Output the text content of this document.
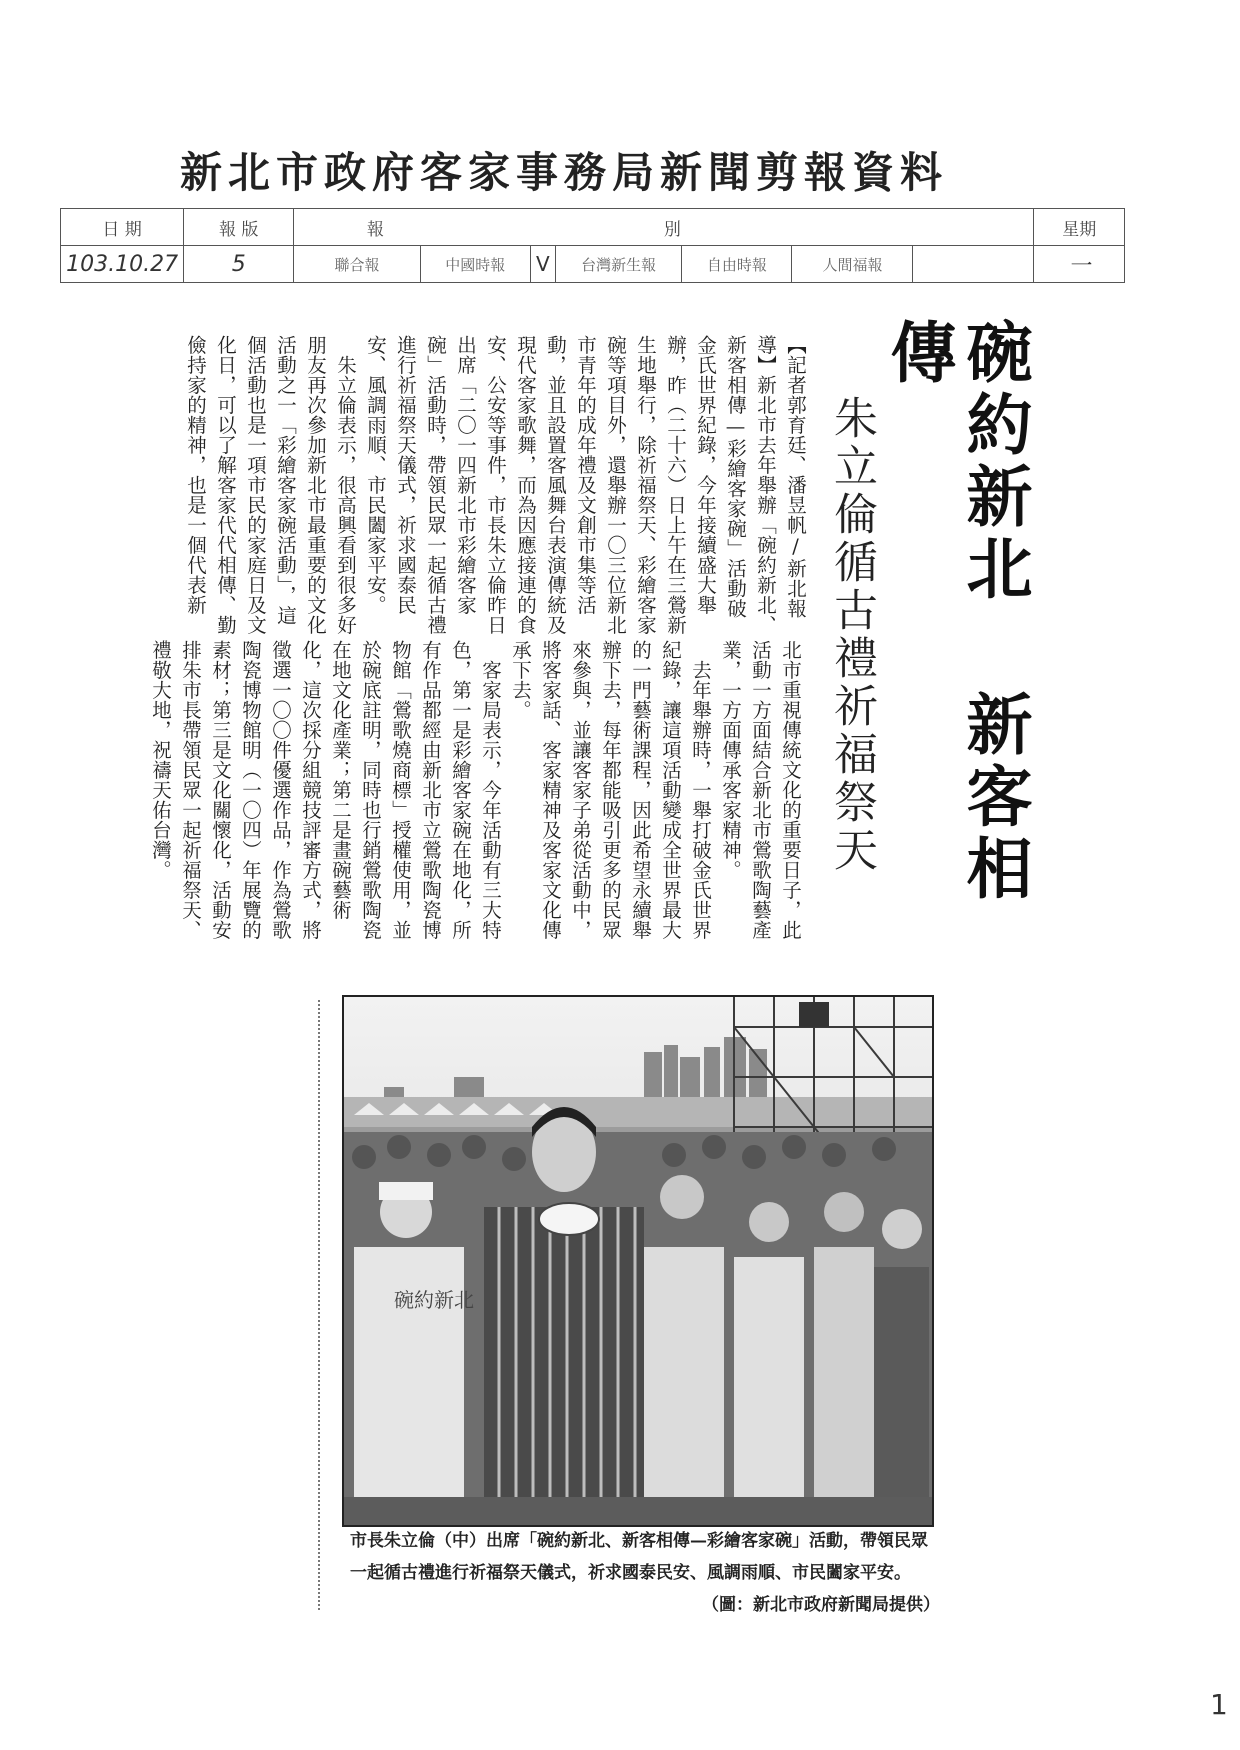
新北市政府客家事務局新聞剪報資料
日 期	報 版	報別							星期
103.10.27	5	聯合報	中國時報	V	台灣新生報	自由時報	人間福報		一
碗約新北 新客相傳
朱立倫循古禮祈福祭天

【記者郭育廷、潘昱帆/新北報導】新北市去年舉辦「碗約新北、新客相傳—彩繪客家碗」活動破金氏世界紀錄，今年接續盛大舉辦，昨（二十六）日上午在三鶯新生地舉行，除祈福祭天、彩繪客家碗等項目外，還舉辦一〇三位新北市青年的成年禮及文創市集等活動，並且設置客風舞台表演傳統及現代客家歌舞，而為因應接連的食安、公安等事件，市長朱立倫昨日出席「二〇一四新北市彩繪客家碗」活動時，帶領民眾一起循古禮進行祈福祭天儀式，祈求國泰民安、風調雨順、市民闔家平安。

朱立倫表示，很高興看到很多好朋友再次參加新北市最重要的文化活動之一「彩繪客家碗活動」，這個活動也是一項市民的家庭日及文化日，可以了解客家代代相傳、勤儉持家的精神，也是一個代表新

北市重視傳統文化的重要日子，此活動一方面結合新北市鶯歌陶藝產業，一方面傳承客家精神。

去年舉辦時，一舉打破金氏世界紀錄，讓這項活動變成全世界最大的一門藝術課程，因此希望永續舉辦下去，每年都能吸引更多的民眾來參與，並讓客家子弟從活動中，將客家話、客家精神及客家文化傳承下去。

客家局表示，今年活動有三大特色，第一是彩繪客家碗在地化，所有作品都經由新北市立鶯歌陶瓷博物館「鶯歌燒商標」授權使用，並於碗底註明，同時也行銷鶯歌陶瓷在地文化產業；第二是畫碗藝術化，這次採分組競技評審方式，將徵選一〇〇件優選作品，作為鶯歌陶瓷博物館明（一〇四）年展覽的素材；第三是文化關懷化，活動安排朱市長帶領民眾一起祈福祭天、禮敬大地，祝禱天佑台灣。

碗約新北
市長朱立倫（中）出席「碗約新北、新客相傳—彩繪客家碗」活動，帶領民眾一起循古禮進行祈福祭天儀式，祈求國泰民安、風調雨順、市民闔家平安。
（圖：新北市政府新聞局提供）
1
